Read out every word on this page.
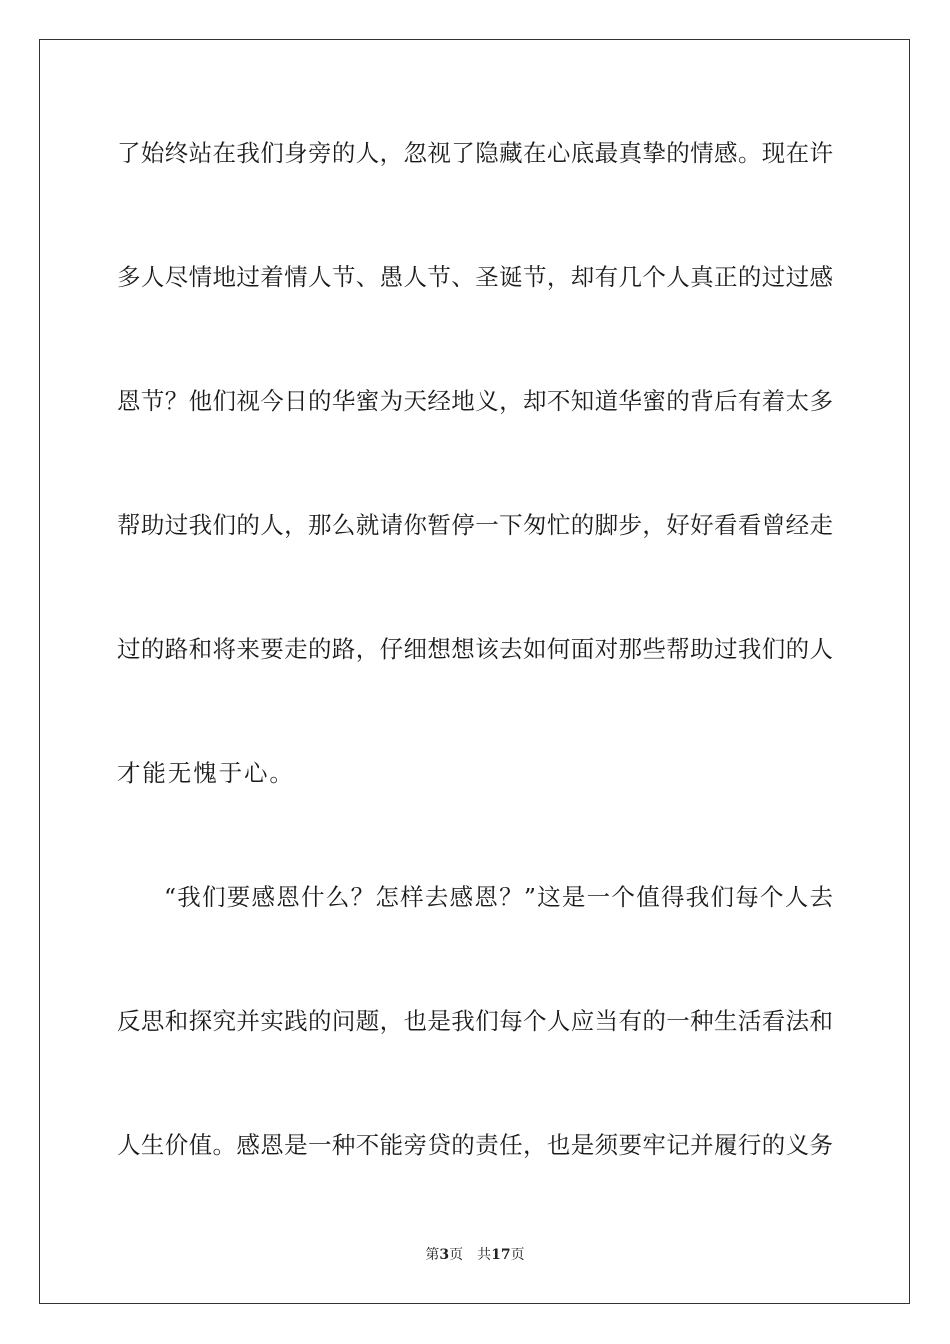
了始终站在我们身旁的人，忽视了隐藏在心底最真挚的情感。现在许
多人尽情地过着情人节、愚人节、圣诞节，却有几个人真正的过过感
恩节？他们视今日的华蜜为天经地义，却不知道华蜜的背后有着太多
帮助过我们的人，那么就请你暂停一下匆忙的脚步，好好看看曾经走
过的路和将来要走的路，仔细想想该去如何面对那些帮助过我们的人
才能无愧于心。
“我们要感恩什么？怎样去感恩？”这是一个值得我们每个人去
反思和探究并实践的问题，也是我们每个人应当有的一种生活看法和
人生价值。感恩是一种不能旁贷的责任，也是须要牢记并履行的义务
第3页 共17页
